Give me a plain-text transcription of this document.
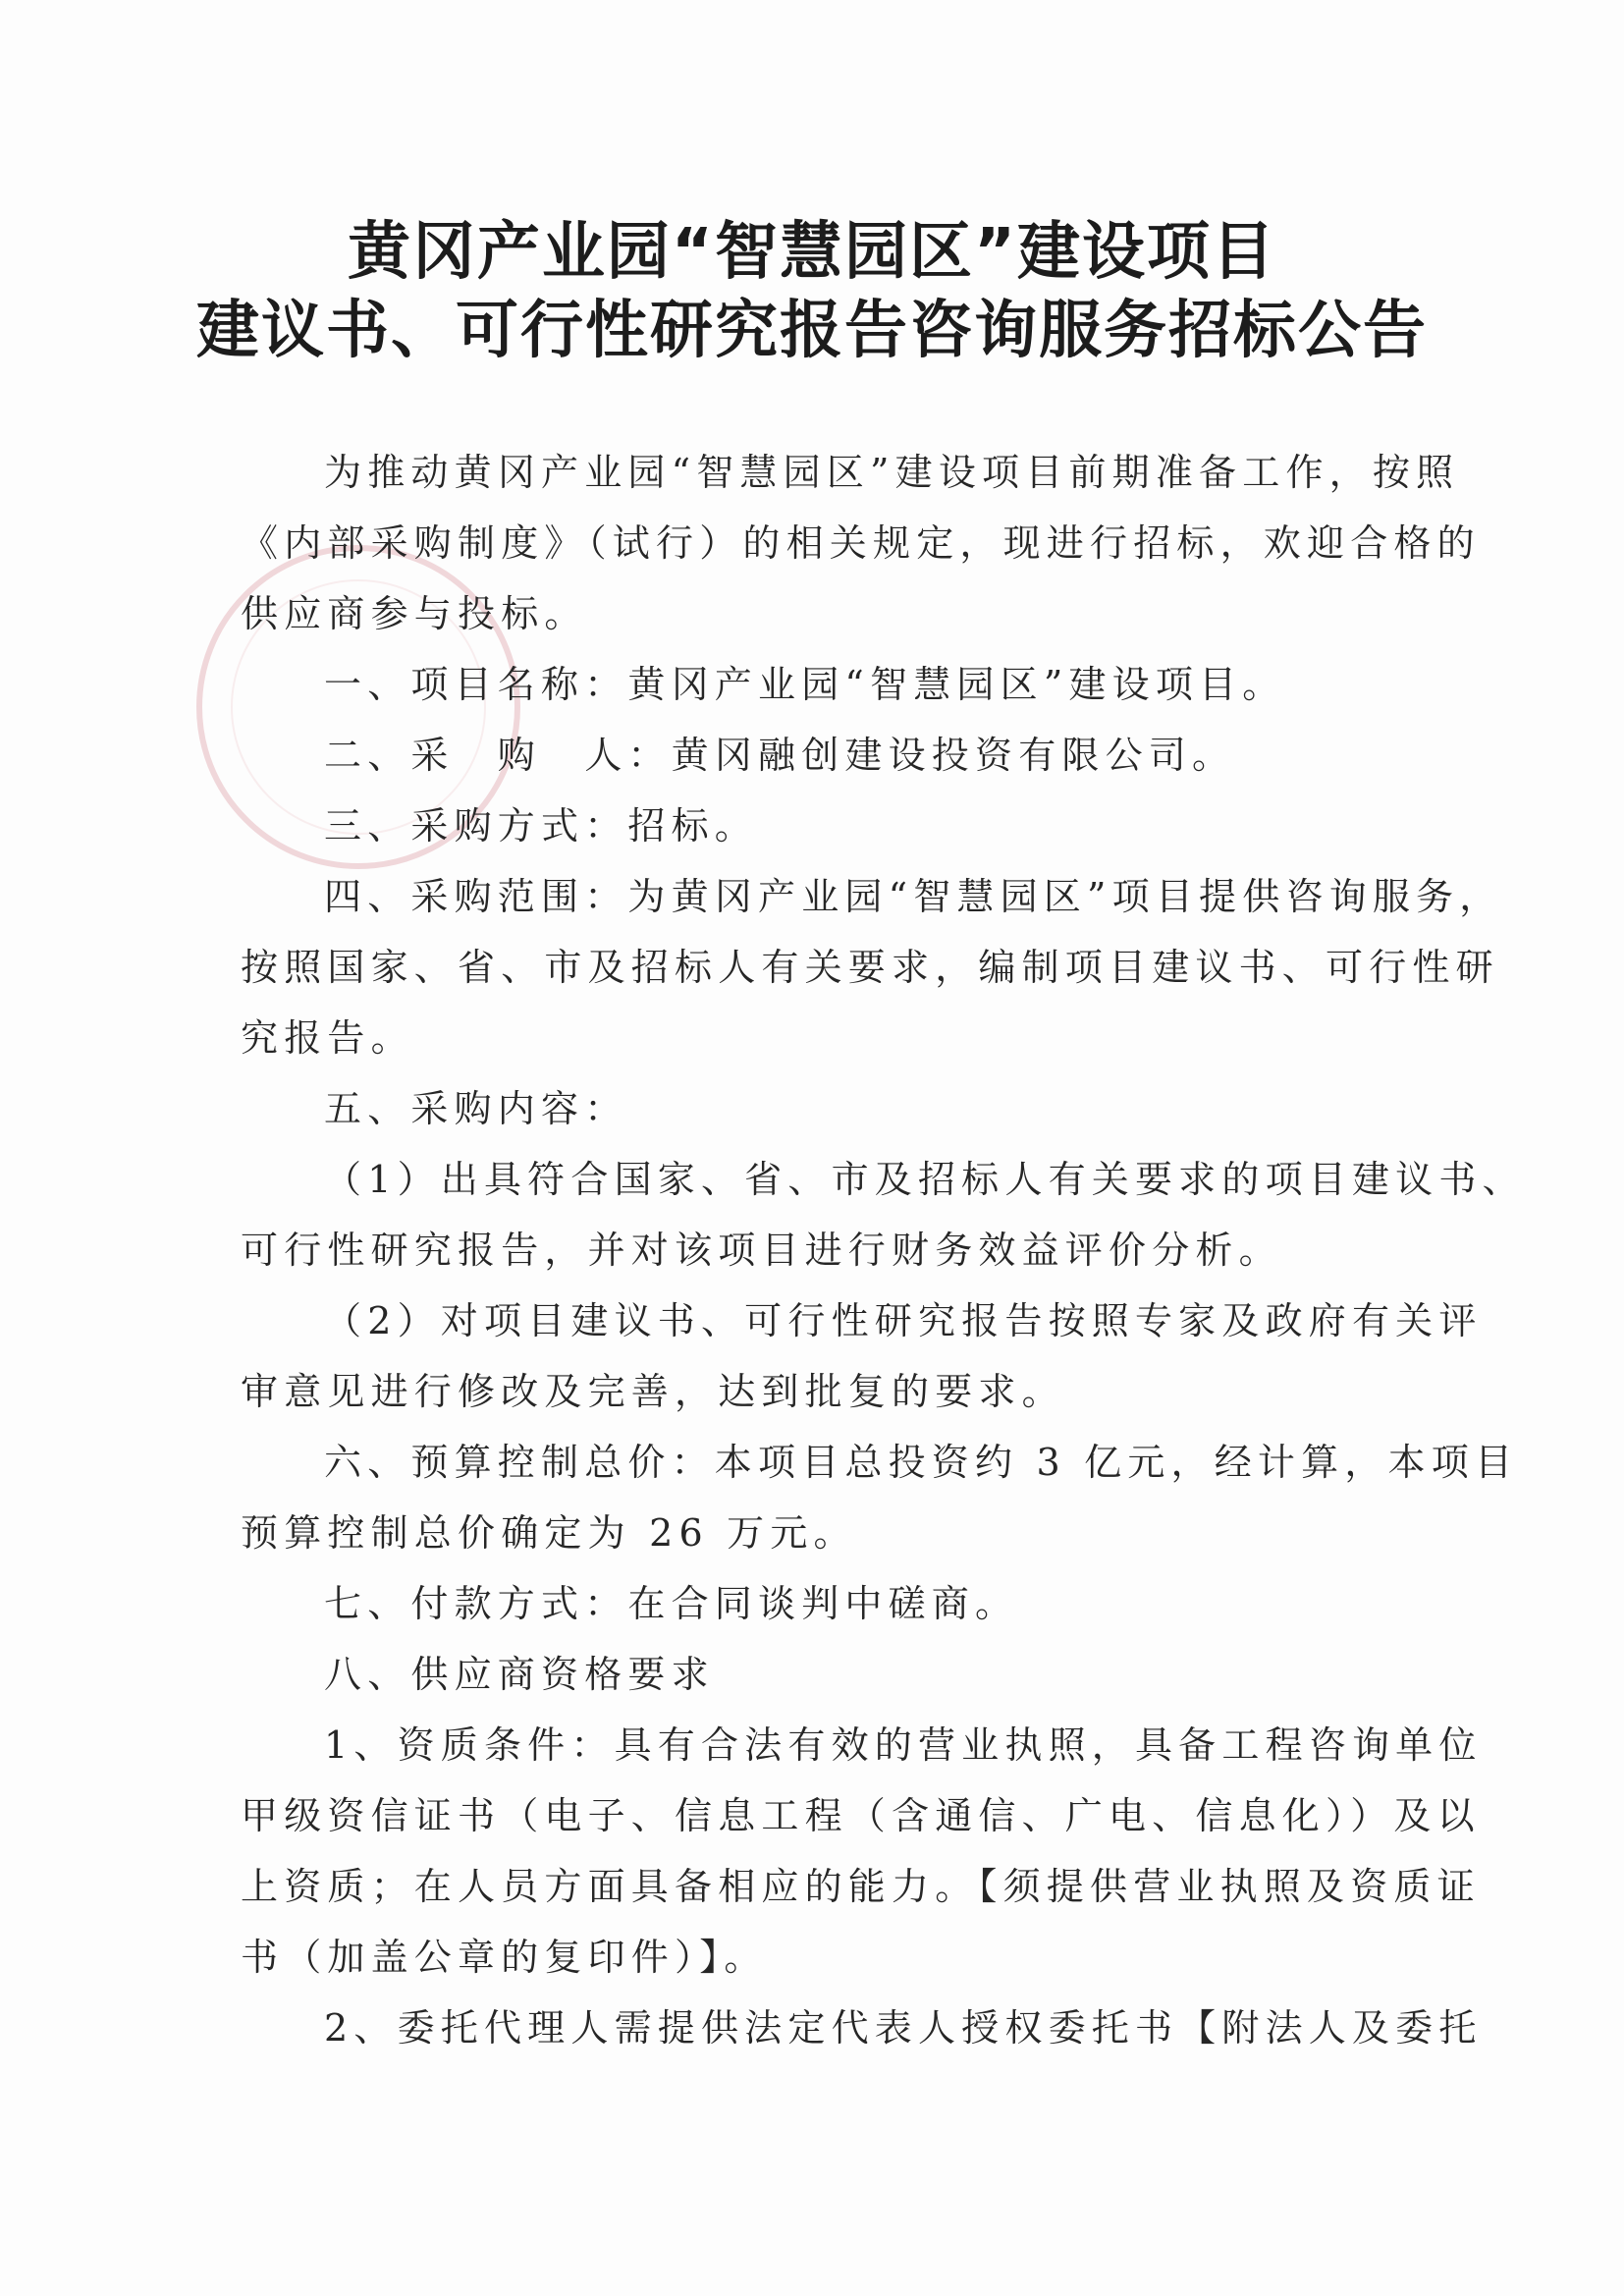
黄冈产业园“智慧园区”建设项目
建议书、可行性研究报告咨询服务招标公告
为推动黄冈产业园“智慧园区”建设项目前期准备工作，按照
《内部采购制度》（试行）的相关规定，现进行招标，欢迎合格的
供应商参与投标。
一、项目名称：黄冈产业园“智慧园区”建设项目。
二、采　购　人：黄冈融创建设投资有限公司。
三、采购方式：招标。
四、采购范围：为黄冈产业园“智慧园区”项目提供咨询服务，
按照国家、省、市及招标人有关要求，编制项目建议书、可行性研
究报告。
五、采购内容：
（1）出具符合国家、省、市及招标人有关要求的项目建议书、
可行性研究报告，并对该项目进行财务效益评价分析。
（2）对项目建议书、可行性研究报告按照专家及政府有关评
审意见进行修改及完善，达到批复的要求。
六、预算控制总价：本项目总投资约 3 亿元，经计算，本项目
预算控制总价确定为 26 万元。
七、付款方式：在合同谈判中磋商。
八、供应商资格要求
1、资质条件：具有合法有效的营业执照，具备工程咨询单位
甲级资信证书（电子、信息工程（含通信、广电、信息化））及以
上资质；在人员方面具备相应的能力。【须提供营业执照及资质证
书（加盖公章的复印件）】。
2、委托代理人需提供法定代表人授权委托书【附法人及委托
